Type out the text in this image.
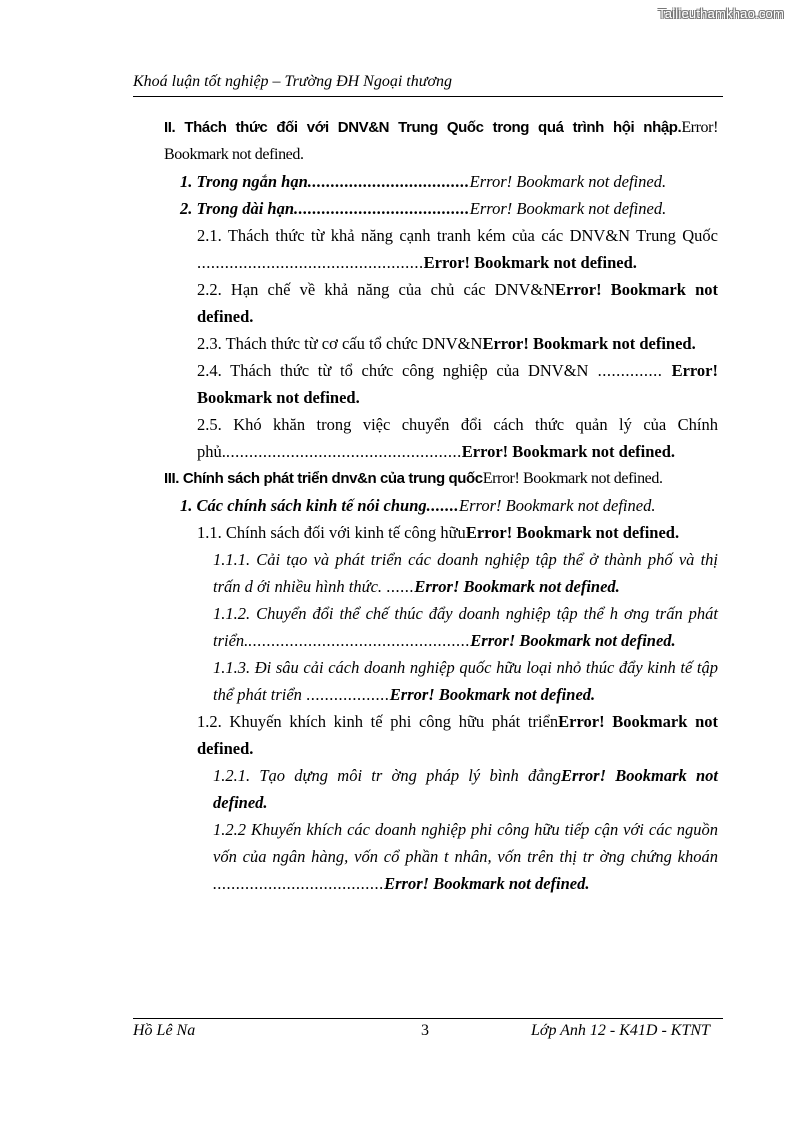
Tailieuthamkhao.com
Khoá luận tốt nghiệp – Trường ĐH Ngoại thương
II. Thách thức đối với DNV&N Trung Quốc trong quá trình hội nhập.Error! Bookmark not defined.
1. Trong ngắn hạn...................................Error! Bookmark not defined.
2. Trong dài hạn......................................Error! Bookmark not defined.
2.1. Thách thức từ khả năng cạnh tranh kém của các DNV&N Trung Quốc .................................................Error! Bookmark not defined.
2.2. Hạn chế về khả năng của chủ các DNV&NError! Bookmark not defined.
2.3. Thách thức từ cơ cấu tổ chức DNV&NError! Bookmark not defined.
2.4. Thách thức từ tổ chức công nghiệp của DNV&N .............. Error! Bookmark not defined.
2.5. Khó khăn trong việc chuyển đổi cách thức quản lý của Chính phủ....................................................Error! Bookmark not defined.
III. Chính sách phát triển dnv&n của trung quốcError! Bookmark not defined.
1. Các chính sách kinh tế nói chung.......Error! Bookmark not defined.
1.1. Chính sách đối với kinh tế công hữuError! Bookmark not defined.
1.1.1. Cải tạo và phát triển các doanh nghiệp tập thể ở thành phố và thị trấn d ới nhiều hình thức. ......Error! Bookmark not defined.
1.1.2. Chuyển đổi thể chế thúc đẩy doanh nghiệp tập thể h ơng trấn phát triển.................................................Error! Bookmark not defined.
1.1.3. Đi sâu cải cách doanh nghiệp quốc hữu loại nhỏ thúc đẩy kinh tế tập thể phát triển ..................Error! Bookmark not defined.
1.2. Khuyến khích kinh tế phi công hữu phát triểnError! Bookmark not defined.
1.2.1. Tạo dựng môi tr ờng pháp lý bình đẳngError! Bookmark not defined.
1.2.2 Khuyến khích các doanh nghiệp phi công hữu tiếp cận với các nguồn vốn của ngân hàng, vốn cổ phần t nhân, vốn trên thị tr ờng chứng khoán .....................................Error! Bookmark not defined.
Hồ Lê Na	3	Lớp Anh 12 - K41D - KTNT
